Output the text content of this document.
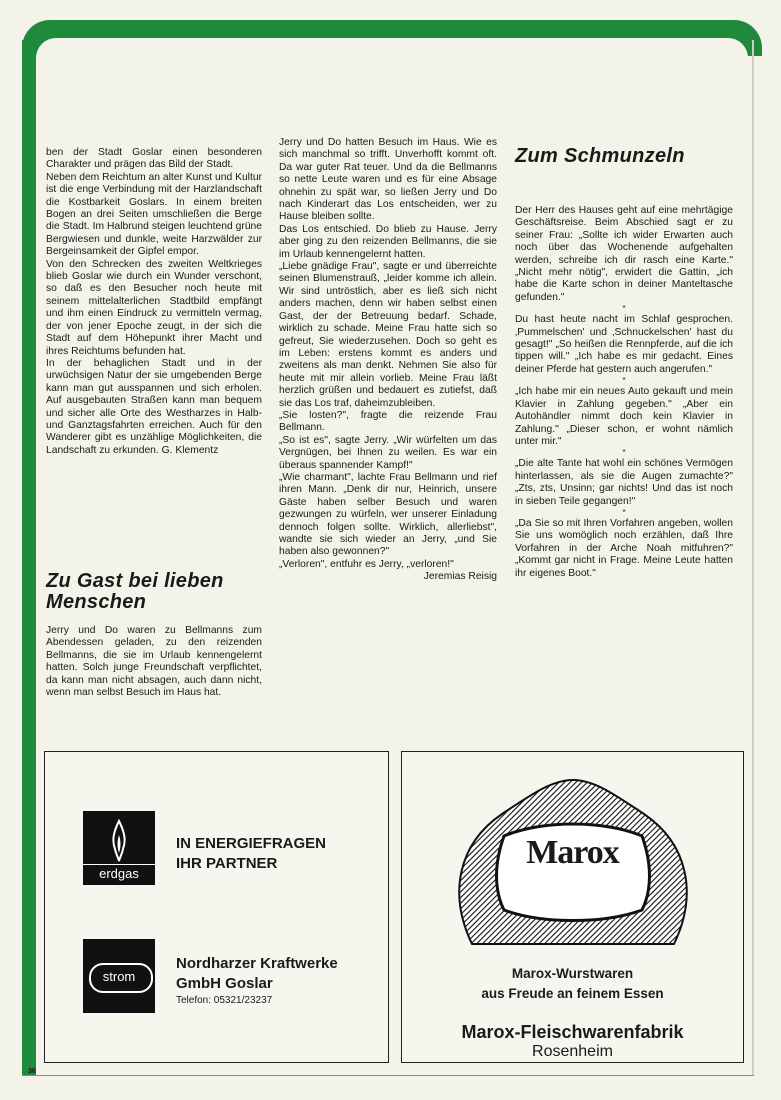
36

ben der Stadt Goslar einen besonderen Charakter und prägen das Bild der Stadt.

Neben dem Reichtum an alter Kunst und Kultur ist die enge Verbindung mit der Harzlandschaft die Kostbarkeit Goslars. In einem breiten Bogen an drei Seiten umschließen die Berge die Stadt. Im Halbrund steigen leuchtend grüne Bergwiesen und dunkle, weite Harzwälder zur Bergeinsamkeit der Gipfel empor.

Von den Schrecken des zweiten Weltkrieges blieb Goslar wie durch ein Wunder verschont, so daß es den Besucher noch heute mit seinem mittelalterlichen Stadtbild empfängt und ihm einen Eindruck zu vermitteln vermag, der von jener Epoche zeugt, in der sich die Stadt auf dem Höhepunkt ihrer Macht und ihres Reichtums befunden hat.

In der behaglichen Stadt und in der urwüchsigen Natur der sie umgebenden Berge kann man gut ausspannen und sich erholen. Auf ausgebauten Straßen kann man bequem und sicher alle Orte des Westharzes in Halb- und Ganztagsfahrten erreichen. Auch für den Wanderer gibt es unzählige Möglichkeiten, die Landschaft zu erkunden. G. Klementz

Zu Gast bei lieben Menschen
Jerry und Do waren zu Bellmanns zum Abendessen geladen, zu den reizenden Bellmanns, die sie im Urlaub kennengelernt hatten. Solch junge Freundschaft verpflichtet, da kann man nicht absagen, auch dann nicht, wenn man selbst Besuch im Haus hat.

Jerry und Do hatten Besuch im Haus. Wie es sich manchmal so trifft. Unverhofft kommt oft. Da war guter Rat teuer. Und da die Bellmanns so nette Leute waren und es für eine Absage ohnehin zu spät war, so ließen Jerry und Do nach Kinderart das Los entscheiden, wer zu Hause bleiben sollte.

Das Los entschied. Do blieb zu Hause. Jerry aber ging zu den reizenden Bellmanns, die sie im Urlaub kennengelernt hatten.

„Liebe gnädige Frau", sagte er und überreichte seinen Blumenstrauß, „leider komme ich allein. Wir sind untröstlich, aber es ließ sich nicht anders machen, denn wir haben selbst einen Gast, der der Betreuung bedarf. Schade, wirklich zu schade. Meine Frau hatte sich so gefreut, Sie wiederzusehen. Doch so geht es im Leben: erstens kommt es anders und zweitens als man denkt. Nehmen Sie also für heute mit mir allein vorlieb. Meine Frau läßt herzlich grüßen und bedauert es zutiefst, daß sie das Los traf, daheimzubleiben.

„Sie losten?", fragte die reizende Frau Bellmann.

„So ist es", sagte Jerry. „Wir würfelten um das Vergnügen, bei Ihnen zu weilen. Es war ein überaus spannender Kampf!"

„Wie charmant", lachte Frau Bellmann und rief ihren Mann. „Denk dir nur, Heinrich, unsere Gäste haben selber Besuch und waren gezwungen zu würfeln, wer unserer Einladung dennoch folgen sollte. Wirklich, allerliebst", wandte sie sich wieder an Jerry, „und Sie haben also gewonnen?"

„Verloren", entfuhr es Jerry, „verloren!"

Jeremias Reisig

Zum Schmunzeln

Der Herr des Hauses geht auf eine mehrtägige Geschäftsreise. Beim Abschied sagt er zu seiner Frau: „Sollte ich wider Erwarten auch noch über das Wochenende aufgehalten werden, schreibe ich dir rasch eine Karte." „Nicht mehr nötig", erwidert die Gattin, „ich habe die Karte schon in deiner Manteltasche gefunden."

*

Du hast heute nacht im Schlaf gesprochen. ‚Pummelschen' und ‚Schnuckelschen' hast du gesagt!" „So heißen die Rennpferde, auf die ich tippen will." „Ich habe es mir gedacht. Eines deiner Pferde hat gestern auch angerufen."

*

„Ich habe mir ein neues Auto gekauft und mein Klavier in Zahlung gegeben." „Aber ein Autohändler nimmt doch kein Klavier in Zahlung." „Dieser schon, er wohnt nämlich unter mir."

*

„Die alte Tante hat wohl ein schönes Vermögen hinterlassen, als sie die Augen zumachte?" „Zts, zts, Unsinn; gar nichts! Und das ist noch in sieben Teile gegangen!"

*

„Da Sie so mit Ihren Vorfahren angeben, wollen Sie uns womöglich noch erzählen, daß Ihre Vorfahren in der Arche Noah mitfuhren?" „Kommt gar nicht in Frage. Meine Leute hatten ihr eigenes Boot."

erdgas
IN ENERGIEFRAGEN
IHR PARTNER
strom
Nordharzer Kraftwerke
GmbH Goslar
Telefon: 05321/23237
Marox
Marox-Wurstwaren
aus Freude an feinem Essen
Marox-Fleischwarenfabrik
Rosenheim
